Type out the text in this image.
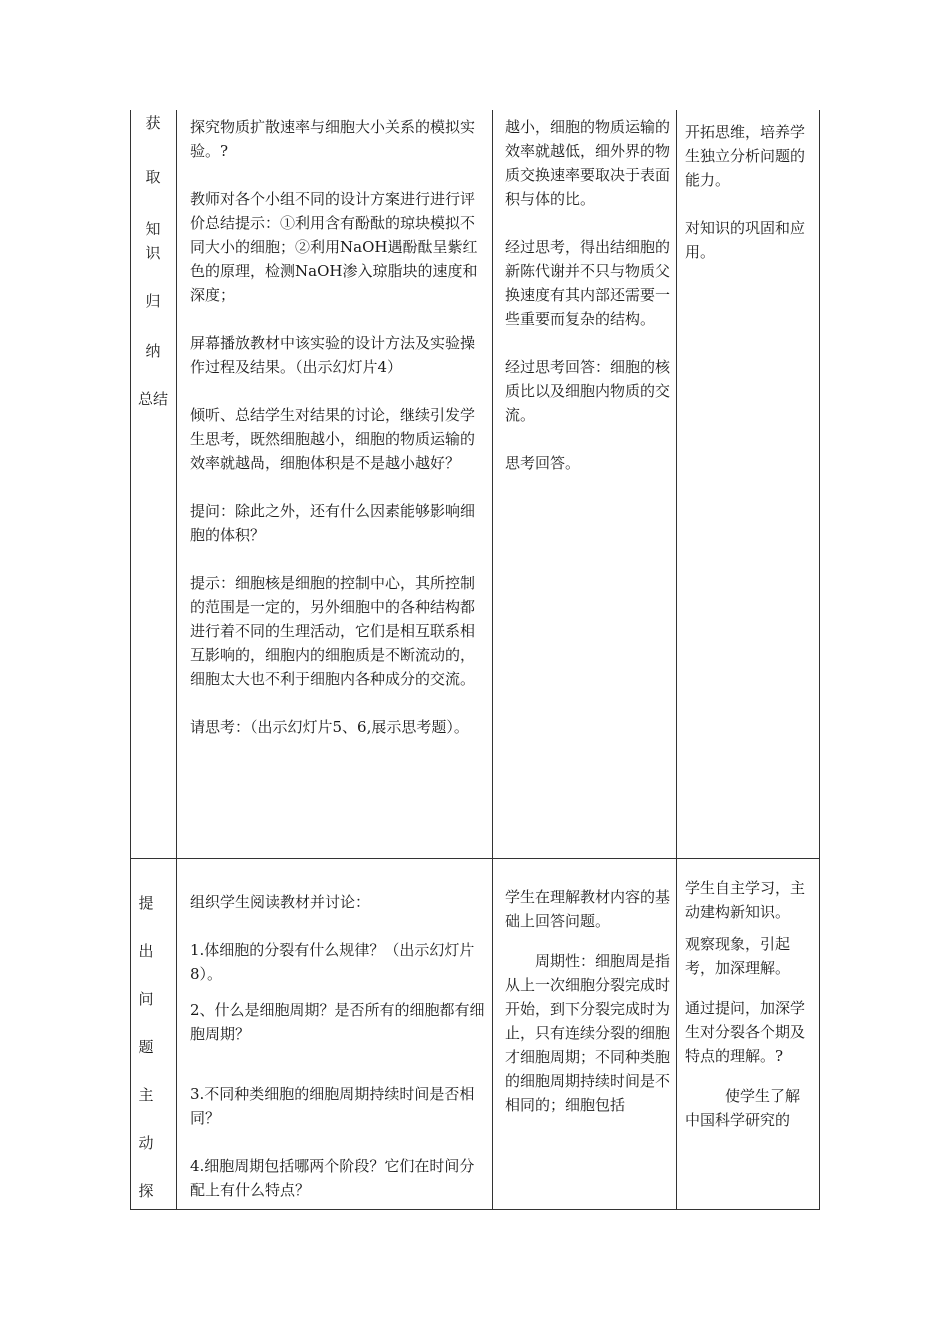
获
取
知
识
归
纳
总结

探究物质扩散速率与细胞大小关系的模拟实验。?

教师对各个小组不同的设计方案进行进行评价总结提示：①利用含有酚酞的琼块模拟不同大小的细胞；②利用NaOH遇酚酞呈紫红色的原理，检测NaOH渗入琼脂块的速度和深度；

屏幕播放教材中该实验的设计方法及实验操作过程及结果。（出示幻灯片4）

倾听、总结学生对结果的讨论，继续引发学生思考，既然细胞越小，细胞的物质运输的效率就越咼，细胞体积是不是越小越好？

提问：除此之外，还有什么因素能够影响细胞的体积？

提示：细胞核是细胞的控制中心，其所控制的范围是一定的，另外细胞中的各种结构都进行着不同的生理活动，它们是相互联系相互影响的，细胞内的细胞质是不断流动的，细胞太大也不利于细胞内各种成分的交流。

请思考：（出示幻灯片5、6,展示思考题）。

越小，细胞的物质运输的效率就越低，细外界的物质交换速率要取决于表面积与体的比。

经过思考，得出结细胞的新陈代谢并不只与物质父换速度有其内部还需要一些重要而复杂的结构。

经过思考回答：细胞的核质比以及细胞内物质的交流。

思考回答。

开拓思维，培养学生独立分析问题的能力。

对知识的巩固和应用。

提
出
问
题
主
动
探

组织学生阅读教材并讨论：

1.体细胞的分裂有什么规律？（出示幻灯片8）。

2、什么是细胞周期？是否所有的细胞都有细胞周期？

3.不同种类细胞的细胞周期持续时间是否相同？

4.细胞周期包括哪两个阶段？它们在时间分配上有什么特点？

学生在理解教材内容的基础上回答问题。

周期性：细胞周是指从上一次细胞分裂完成时开始，到下分裂完成时为止，只有连续分裂的细胞才细胞周期；不同种类胞的细胞周期持续时间是不相同的；细胞包括

学生自主学习，主动建构新知识。

观察现象，引起考，加深理解。

通过提问，加深学生对分裂各个期及特点的理解。?

使学生了解中国科学研究的
